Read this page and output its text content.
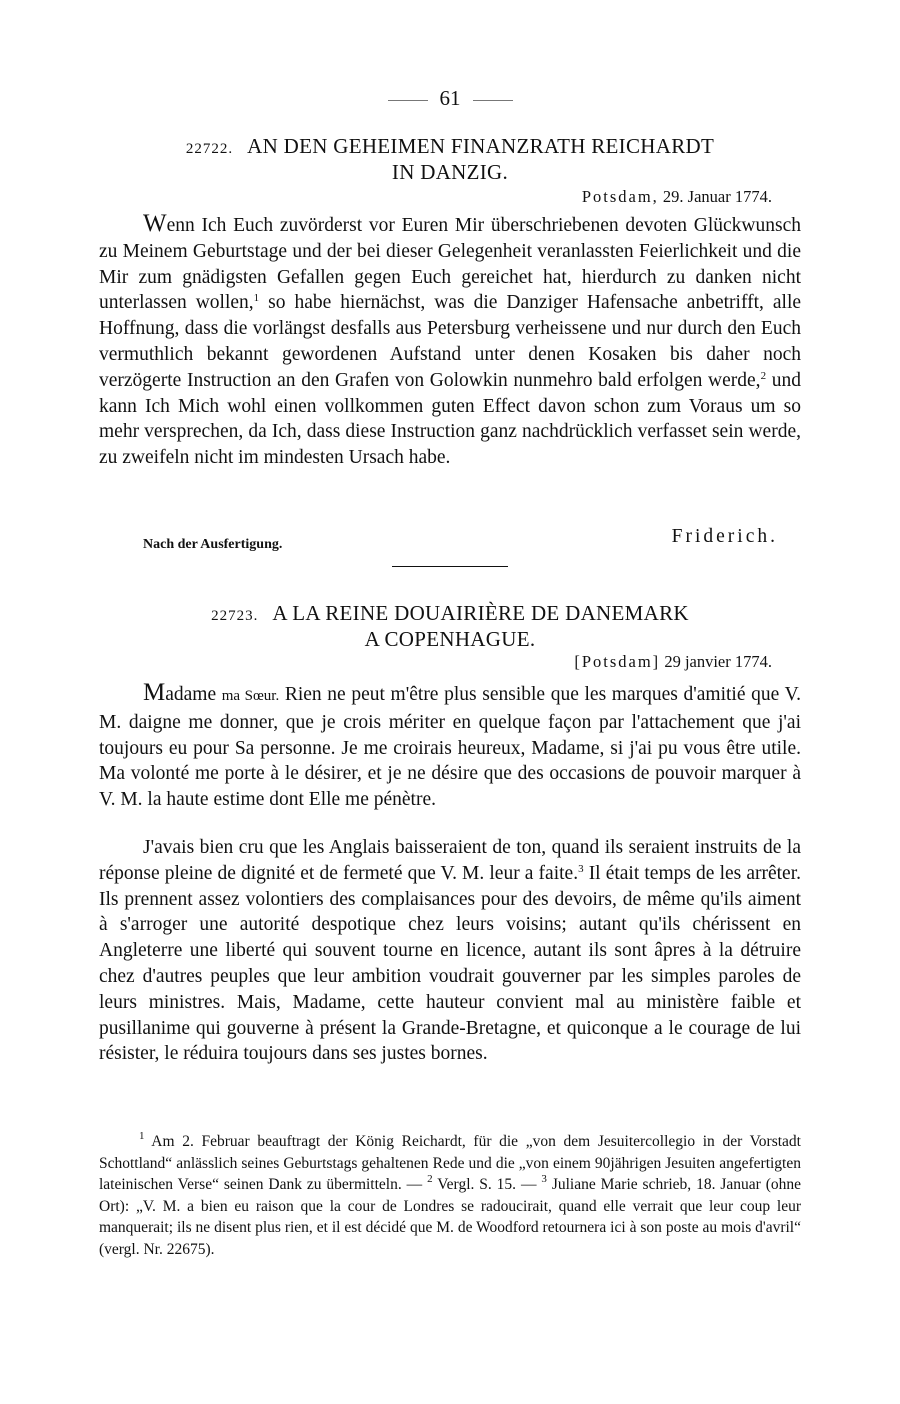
61
22722. AN DEN GEHEIMEN FINANZRATH REICHARDT
IN DANZIG.
Potsdam, 29. Januar 1774.

Wenn Ich Euch zuvörderst vor Euren Mir überschriebenen devoten Glückwunsch zu Meinem Geburtstage und der bei dieser Gelegenheit veranlassten Feierlichkeit und die Mir zum gnädigsten Gefallen gegen Euch gereichet hat, hierdurch zu danken nicht unterlassen wollen,$^1$ so habe hiernächst, was die Danziger Hafensache anbetrifft, alle Hoffnung, dass die vorlängst desfalls aus Petersburg verheissene und nur durch den Euch vermuthlich bekannt gewordenen Aufstand unter denen Kosaken bis daher noch verzögerte Instruction an den Grafen von Golowkin nunmehro bald erfolgen werde,$^2$ und kann Ich Mich wohl einen vollkommen guten Effect davon schon zum Voraus um so mehr versprechen, da Ich, dass diese Instruction ganz nachdrücklich verfasset sein werde, zu zweifeln nicht im mindesten Ursach habe.

Nach der Ausfertigung.	Friderich.
22723. A LA REINE DOUAIRIÈRE DE DANEMARK
A COPENHAGUE.
[Potsdam] 29 janvier 1774.

Madame ma Sœur. Rien ne peut m'être plus sensible que les marques d'amitié que V. M. daigne me donner, que je crois mériter en quelque façon par l'attachement que j'ai toujours eu pour Sa personne. Je me croirais heureux, Madame, si j'ai pu vous être utile. Ma volonté me porte à le désirer, et je ne désire que des occasions de pouvoir marquer à V. M. la haute estime dont Elle me pénètre.

J'avais bien cru que les Anglais baisseraient de ton, quand ils seraient instruits de la réponse pleine de dignité et de fermeté que V. M. leur a faite.$^3$ Il était temps de les arrêter. Ils prennent assez volontiers des complaisances pour des devoirs, de même qu'ils aiment à s'arroger une autorité despotique chez leurs voisins; autant qu'ils chérissent en Angleterre une liberté qui souvent tourne en licence, autant ils sont âpres à la détruire chez d'autres peuples que leur ambition voudrait gouverner par les simples paroles de leurs ministres. Mais, Madame, cette hauteur convient mal au ministère faible et pusillanime qui gouverne à présent la Grande-Bretagne, et quiconque a le courage de lui résister, le réduira toujours dans ses justes bornes.

$^1$ Am 2. Februar beauftragt der König Reichardt, für die „von dem Jesuitercollegio in der Vorstadt Schottland“ anlässlich seines Geburtstags gehaltenen Rede und die „von einem 90jährigen Jesuiten angefertigten lateinischen Verse“ seinen Dank zu übermitteln. — $^2$ Vergl. S. 15. — $^3$ Juliane Marie schrieb, 18. Januar (ohne Ort): „V. M. a bien eu raison que la cour de Londres se radoucirait, quand elle verrait que leur coup leur manquerait; ils ne disent plus rien, et il est décidé que M. de Woodford retournera ici à son poste au mois d'avril“ (vergl. Nr. 22675).
